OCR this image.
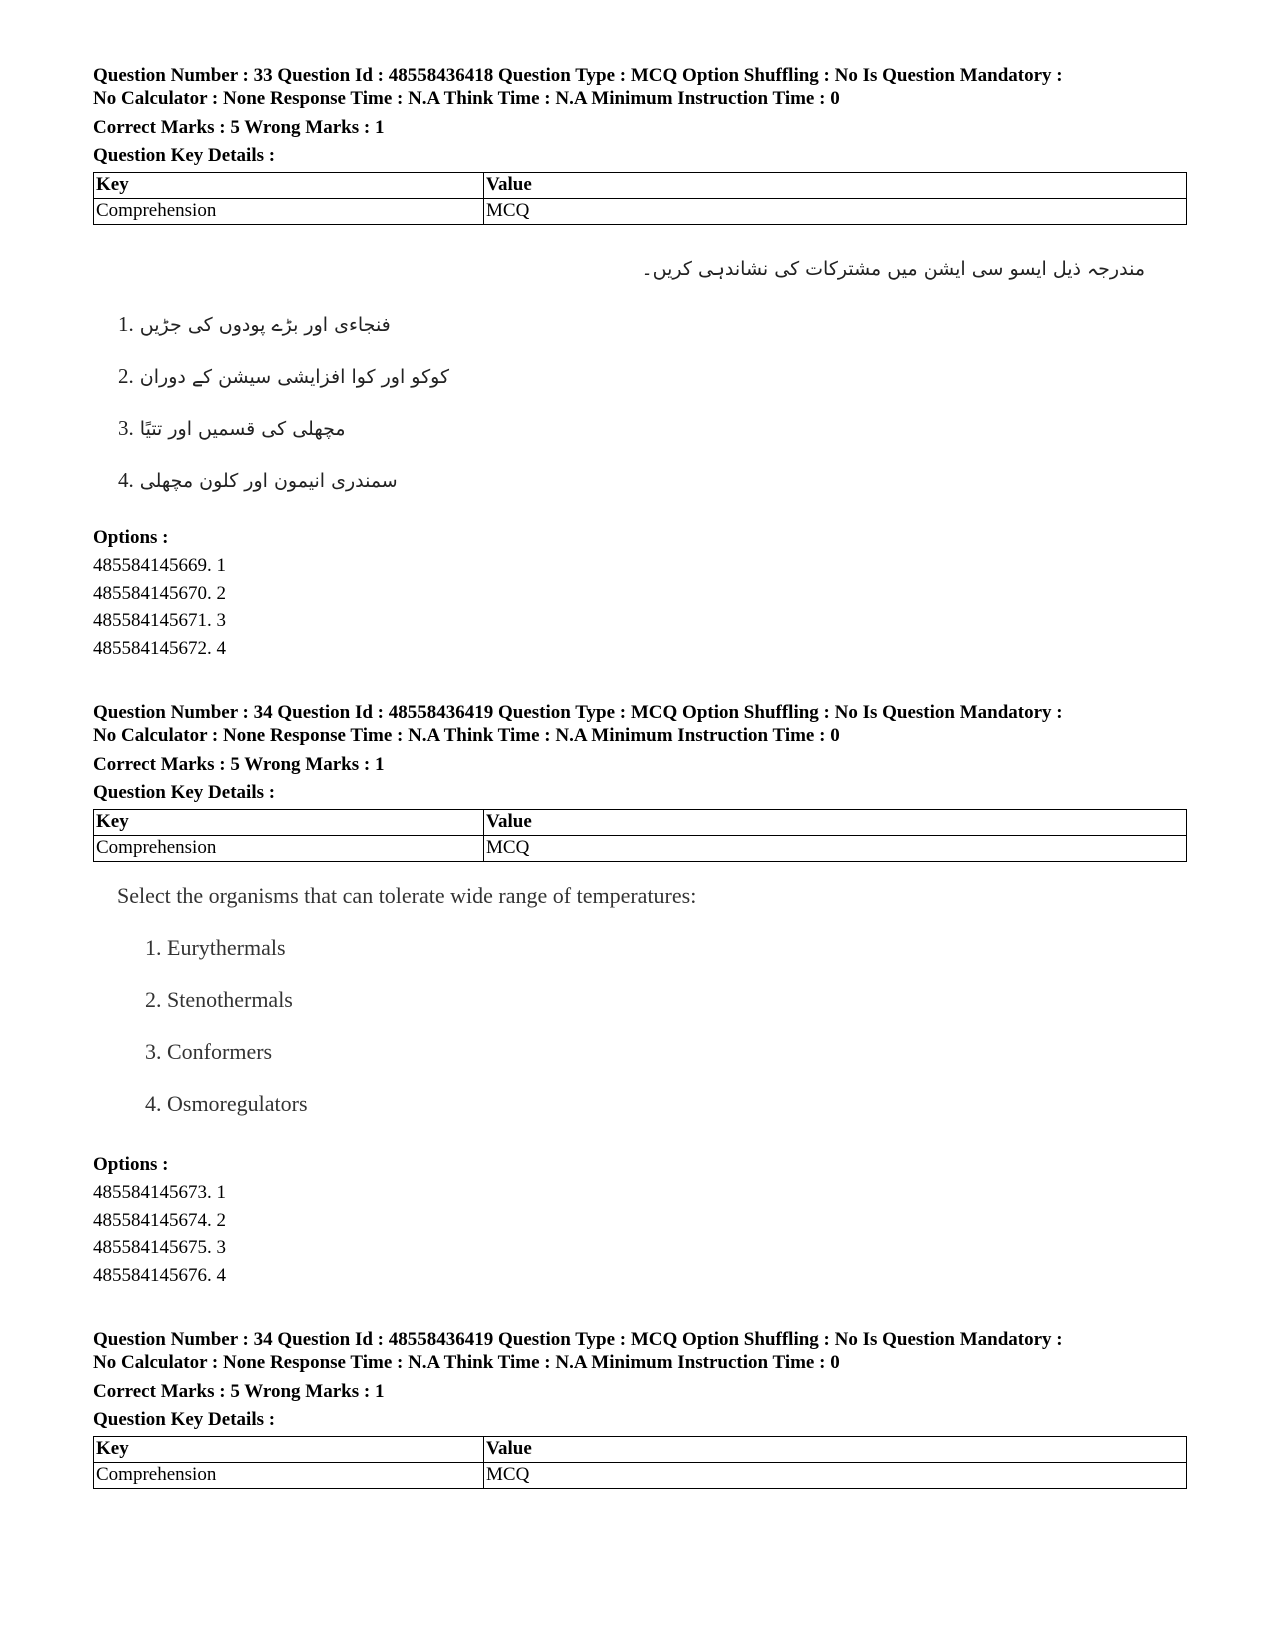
Question Number : 33 Question Id : 48558436418 Question Type : MCQ Option Shuffling : No Is Question Mandatory :
No Calculator : None Response Time : N.A Think Time : N.A Minimum Instruction Time : 0
Correct Marks : 5 Wrong Marks : 1
Question Key Details :
Key	Value
Comprehension	MCQ
مندرجہ ذیل ایسو سی ایشن میں مشترکات کی نشاندہی کریں۔
1. فنجاءی اور بڑے پودوں کی جڑیں
2. کوکو اور کوا افزایشی سیشن کے دوران
3. مچھلی کی قسمیں اور تتیًا
4. سمندری انیمون اور کلون مچھلی
Options :
485584145669. 1
485584145670. 2
485584145671. 3
485584145672. 4
Question Number : 34 Question Id : 48558436419 Question Type : MCQ Option Shuffling : No Is Question Mandatory :
No Calculator : None Response Time : N.A Think Time : N.A Minimum Instruction Time : 0
Correct Marks : 5 Wrong Marks : 1
Question Key Details :
Key	Value
Comprehension	MCQ
Select the organisms that can tolerate wide range of temperatures:
1. Eurythermals
2. Stenothermals
3. Conformers
4. Osmoregulators
Options :
485584145673. 1
485584145674. 2
485584145675. 3
485584145676. 4
Question Number : 34 Question Id : 48558436419 Question Type : MCQ Option Shuffling : No Is Question Mandatory :
No Calculator : None Response Time : N.A Think Time : N.A Minimum Instruction Time : 0
Correct Marks : 5 Wrong Marks : 1
Question Key Details :
Key	Value
Comprehension	MCQ
